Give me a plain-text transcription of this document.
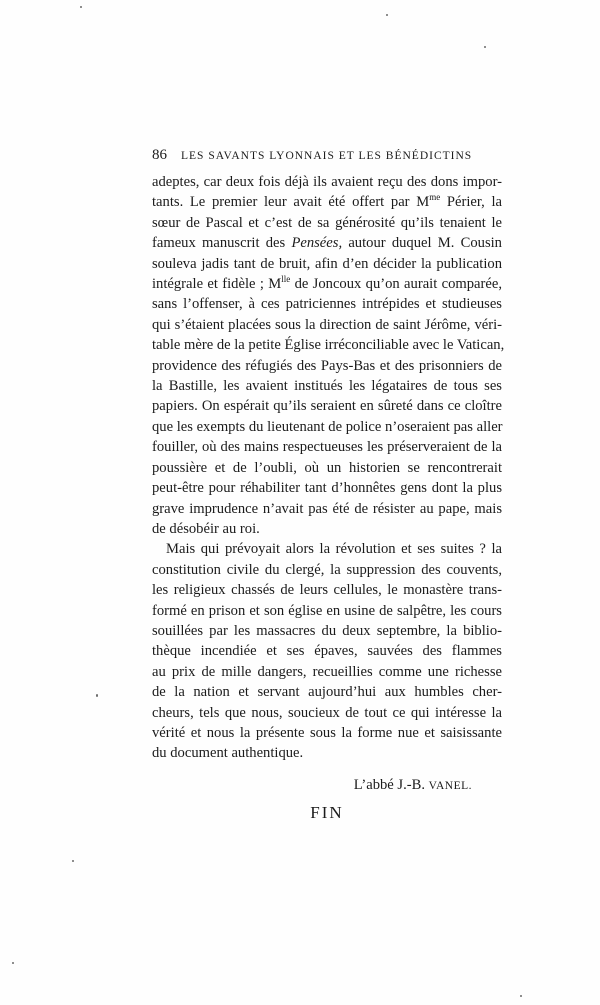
86 LES SAVANTS LYONNAIS ET LES BÉNÉDICTINS
adeptes, car deux fois déjà ils avaient reçu des dons impor-
tants. Le premier leur avait été offert par $M^{me}$ Périer, la
sœur de Pascal et c’est de sa générosité qu’ils tenaient le
fameux manuscrit des Pensées, autour duquel M. Cousin
souleva jadis tant de bruit, afin d’en décider la publication
intégrale et fidèle ; $M^{lle}$ de Joncoux qu’on aurait comparée,
sans l’offenser, à ces patriciennes intrépides et studieuses
qui s’étaient placées sous la direction de saint Jérôme, véri-
table mère de la petite Église irréconciliable avec le Vatican,
providence des réfugiés des Pays-Bas et des prisonniers de
la Bastille, les avaient institués les légataires de tous ses
papiers. On espérait qu’ils seraient en sûreté dans ce cloître
que les exempts du lieutenant de police n’oseraient pas aller
fouiller, où des mains respectueuses les préserveraient de la
poussière et de l’oubli, où un historien se rencontrerait
peut-être pour réhabiliter tant d’honnêtes gens dont la plus
grave imprudence n’avait pas été de résister au pape, mais
de désobéir au roi.
Mais qui prévoyait alors la révolution et ses suites ? la
constitution civile du clergé, la suppression des couvents,
les religieux chassés de leurs cellules, le monastère trans-
formé en prison et son église en usine de salpêtre, les cours
souillées par les massacres du deux septembre, la biblio-
thèque incendiée et ses épaves, sauvées des flammes
au prix de mille dangers, recueillies comme une richesse
de la nation et servant aujourd’hui aux humbles cher-
cheurs, tels que nous, soucieux de tout ce qui intéresse la
vérité et nous la présente sous la forme nue et saisissante
du document authentique.
L’abbé J.-B. VANEL.
FIN
